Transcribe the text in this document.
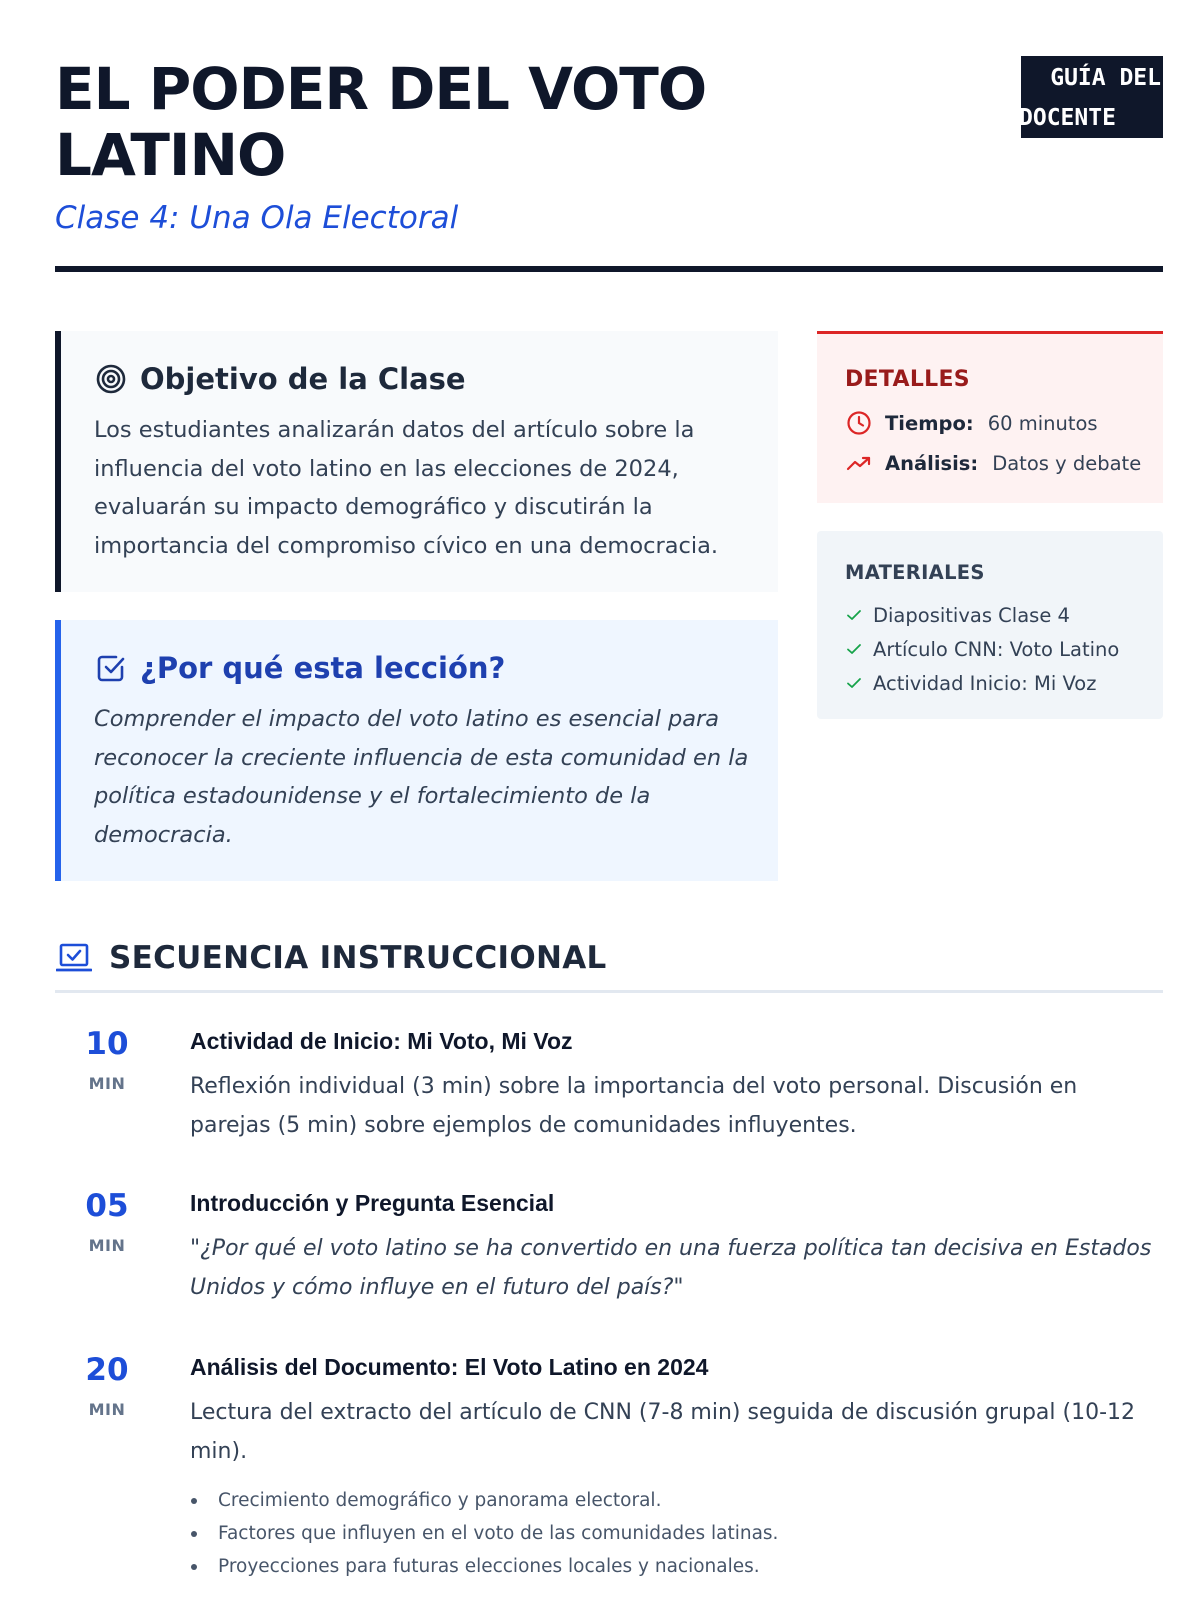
EL PODER DEL VOTO LATINO
Clase 4: Una Ola Electoral
GUÍA DEL
DOCENTE
Objetivo de la Clase
Los estudiantes analizarán datos del artículo sobre la influencia del voto latino en las elecciones de 2024, evaluarán su impacto demográfico y discutirán la importancia del compromiso cívico en una democracia.
¿Por qué esta lección?
Comprender el impacto del voto latino es esencial para reconocer la creciente influencia de esta comunidad en la política estadounidense y el fortalecimiento de la democracia.
DETALLES
Tiempo: 60 minutos
Análisis: Datos y debate
MATERIALES
Diapositivas Clase 4
Artículo CNN: Voto Latino
Actividad Inicio: Mi Voz
SECUENCIA INSTRUCCIONAL
10
MIN
Actividad de Inicio: Mi Voto, Mi Voz
Reflexión individual (3 min) sobre la importancia del voto personal. Discusión en parejas (5 min) sobre ejemplos de comunidades influyentes.
05
MIN
Introducción y Pregunta Esencial
"¿Por qué el voto latino se ha convertido en una fuerza política tan decisiva en Estados Unidos y cómo influye en el futuro del país?"
20
MIN
Análisis del Documento: El Voto Latino en 2024
Lectura del extracto del artículo de CNN (7-8 min) seguida de discusión grupal (10-12 min).
Crecimiento demográfico y panorama electoral.
Factores que influyen en el voto de las comunidades latinas.
Proyecciones para futuras elecciones locales y nacionales.
